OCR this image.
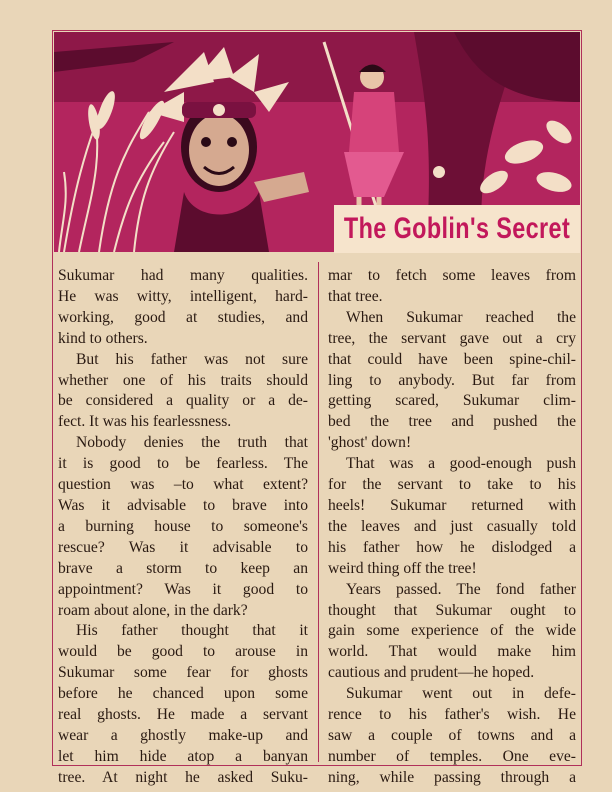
The Goblin's Secret
Sukumar had many qualities.
He was witty, intelligent, hard-
working, good at studies, and
kind to others.
But his father was not sure
whether one of his traits should
be considered a quality or a de-
fect. It was his fearlessness.
Nobody denies the truth that
it is good to be fearless. The
question was –to what extent?
Was it advisable to brave into
a burning house to someone's
rescue? Was it advisable to
brave a storm to keep an
appointment? Was it good to
roam about alone, in the dark?
His father thought that it
would be good to arouse in
Sukumar some fear for ghosts
before he chanced upon some
real ghosts. He made a servant
wear a ghostly make-up and
let him hide atop a banyan
tree. At night he asked Suku-
mar to fetch some leaves from
that tree.
When Sukumar reached the
tree, the servant gave out a cry
that could have been spine-chil-
ling to anybody. But far from
getting scared, Sukumar clim-
bed the tree and pushed the
'ghost' down!
That was a good-enough push
for the servant to take to his
heels! Sukumar returned with
the leaves and just casually told
his father how he dislodged a
weird thing off the tree!
Years passed. The fond father
thought that Sukumar ought to
gain some experience of the wide
world. That would make him
cautious and prudent—he hoped.
Sukumar went out in defe-
rence to his father's wish. He
saw a couple of towns and a
number of temples. One eve-
ning, while passing through a
